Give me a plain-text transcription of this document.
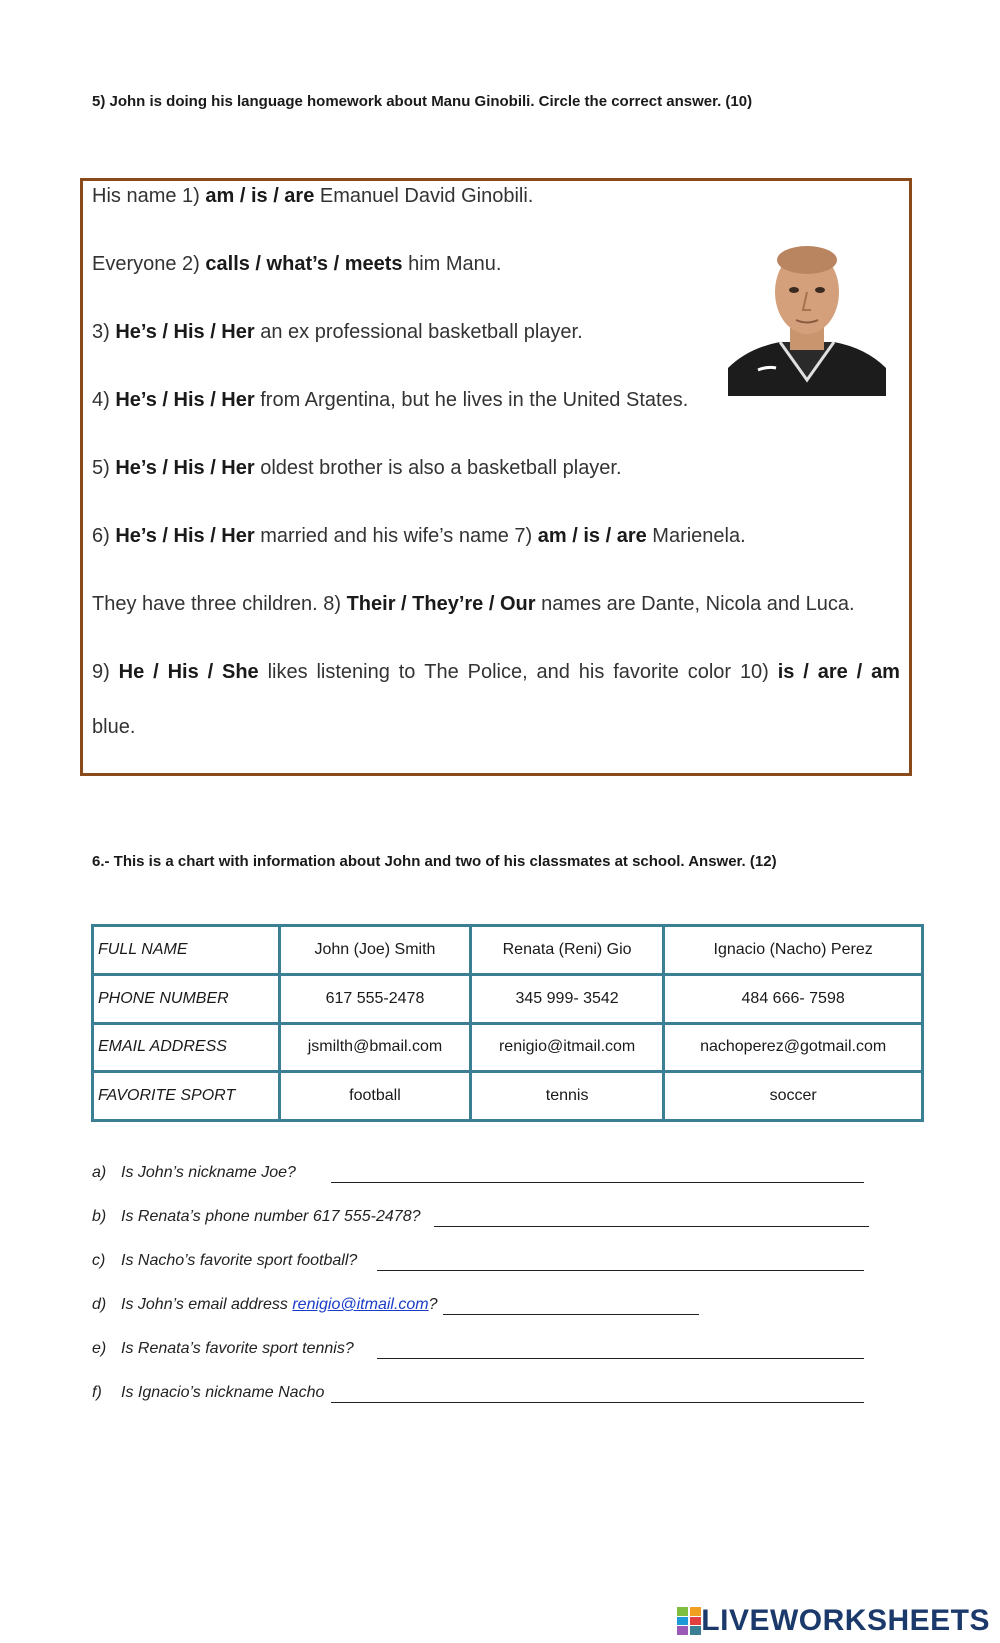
5) John is doing his language homework about Manu Ginobili. Circle the correct answer. (10)
His name 1) am / is / are Emanuel David Ginobili.
Everyone 2) calls / what’s / meets him Manu.
3) He’s / His / Her an ex professional basketball player.
4) He’s / His / Her from Argentina, but he lives in the United States.
5) He’s / His / Her oldest brother is also a basketball player.
6) He’s / His / Her married and his wife’s name 7) am / is / are Marienela.
They have three children. 8) Their / They’re / Our names are Dante, Nicola and Luca.
9) He / His / She likes listening to The Police, and his favorite color 10) is / are / am
blue.
6.- This is a chart with information about John and two of his classmates at school. Answer. (12)
FULL NAME	John (Joe) Smith	Renata (Reni) Gio	Ignacio (Nacho) Perez
PHONE NUMBER	617 555-2478	345 999- 3542	484 666- 7598
EMAIL ADDRESS	jsmilth@bmail.com	renigio@itmail.com	nachoperez@gotmail.com
FAVORITE SPORT	football	tennis	soccer
a) Is John’s nickname Joe?
b) Is Renata’s phone number 617 555-2478?
c) Is Nacho’s favorite sport football?
d) Is John’s email address renigio@itmail.com?
e) Is Renata’s favorite sport tennis?
f) Is Ignacio’s nickname Nacho
LIVEWORKSHEETS
